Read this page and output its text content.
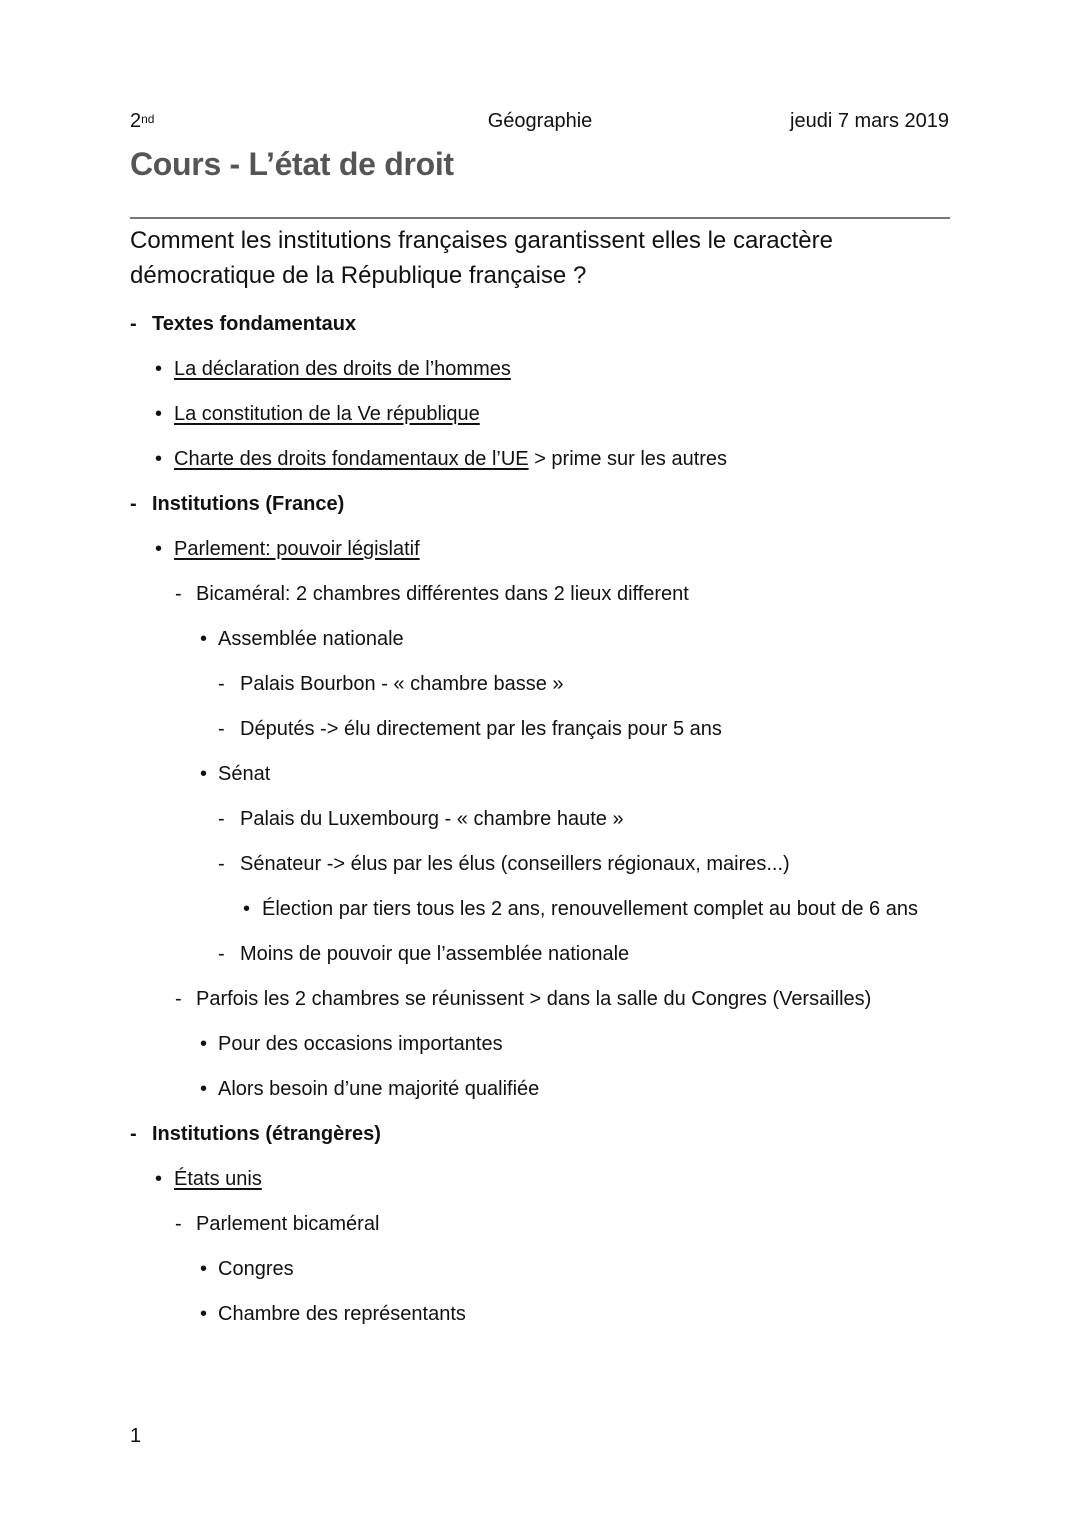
2nd	Géographie	jeudi 7 mars 2019
Cours - L’état de droit

Comment les institutions françaises garantissent elles le caractère démocratique de la République française ?

- Textes fondamentaux
• La déclaration des droits de l’hommes
• La constitution de la Ve république
• Charte des droits fondamentaux de l’UE > prime sur les autres
- Institutions (France)
• Parlement: pouvoir législatif
- Bicaméral: 2 chambres différentes dans 2 lieux different
• Assemblée nationale
- Palais Bourbon - « chambre basse »
- Députés -> élu directement par les français pour 5 ans
• Sénat
- Palais du Luxembourg - « chambre haute »
- Sénateur -> élus par les élus (conseillers régionaux, maires...)
• Élection par tiers tous les 2 ans, renouvellement complet au bout de 6 ans
- Moins de pouvoir que l’assemblée nationale
- Parfois les 2 chambres se réunissent > dans la salle du Congres (Versailles)
• Pour des occasions importantes
• Alors besoin d’une majorité qualifiée
- Institutions (étrangères)
• États unis
- Parlement bicaméral
• Congres
• Chambre des représentants
1
